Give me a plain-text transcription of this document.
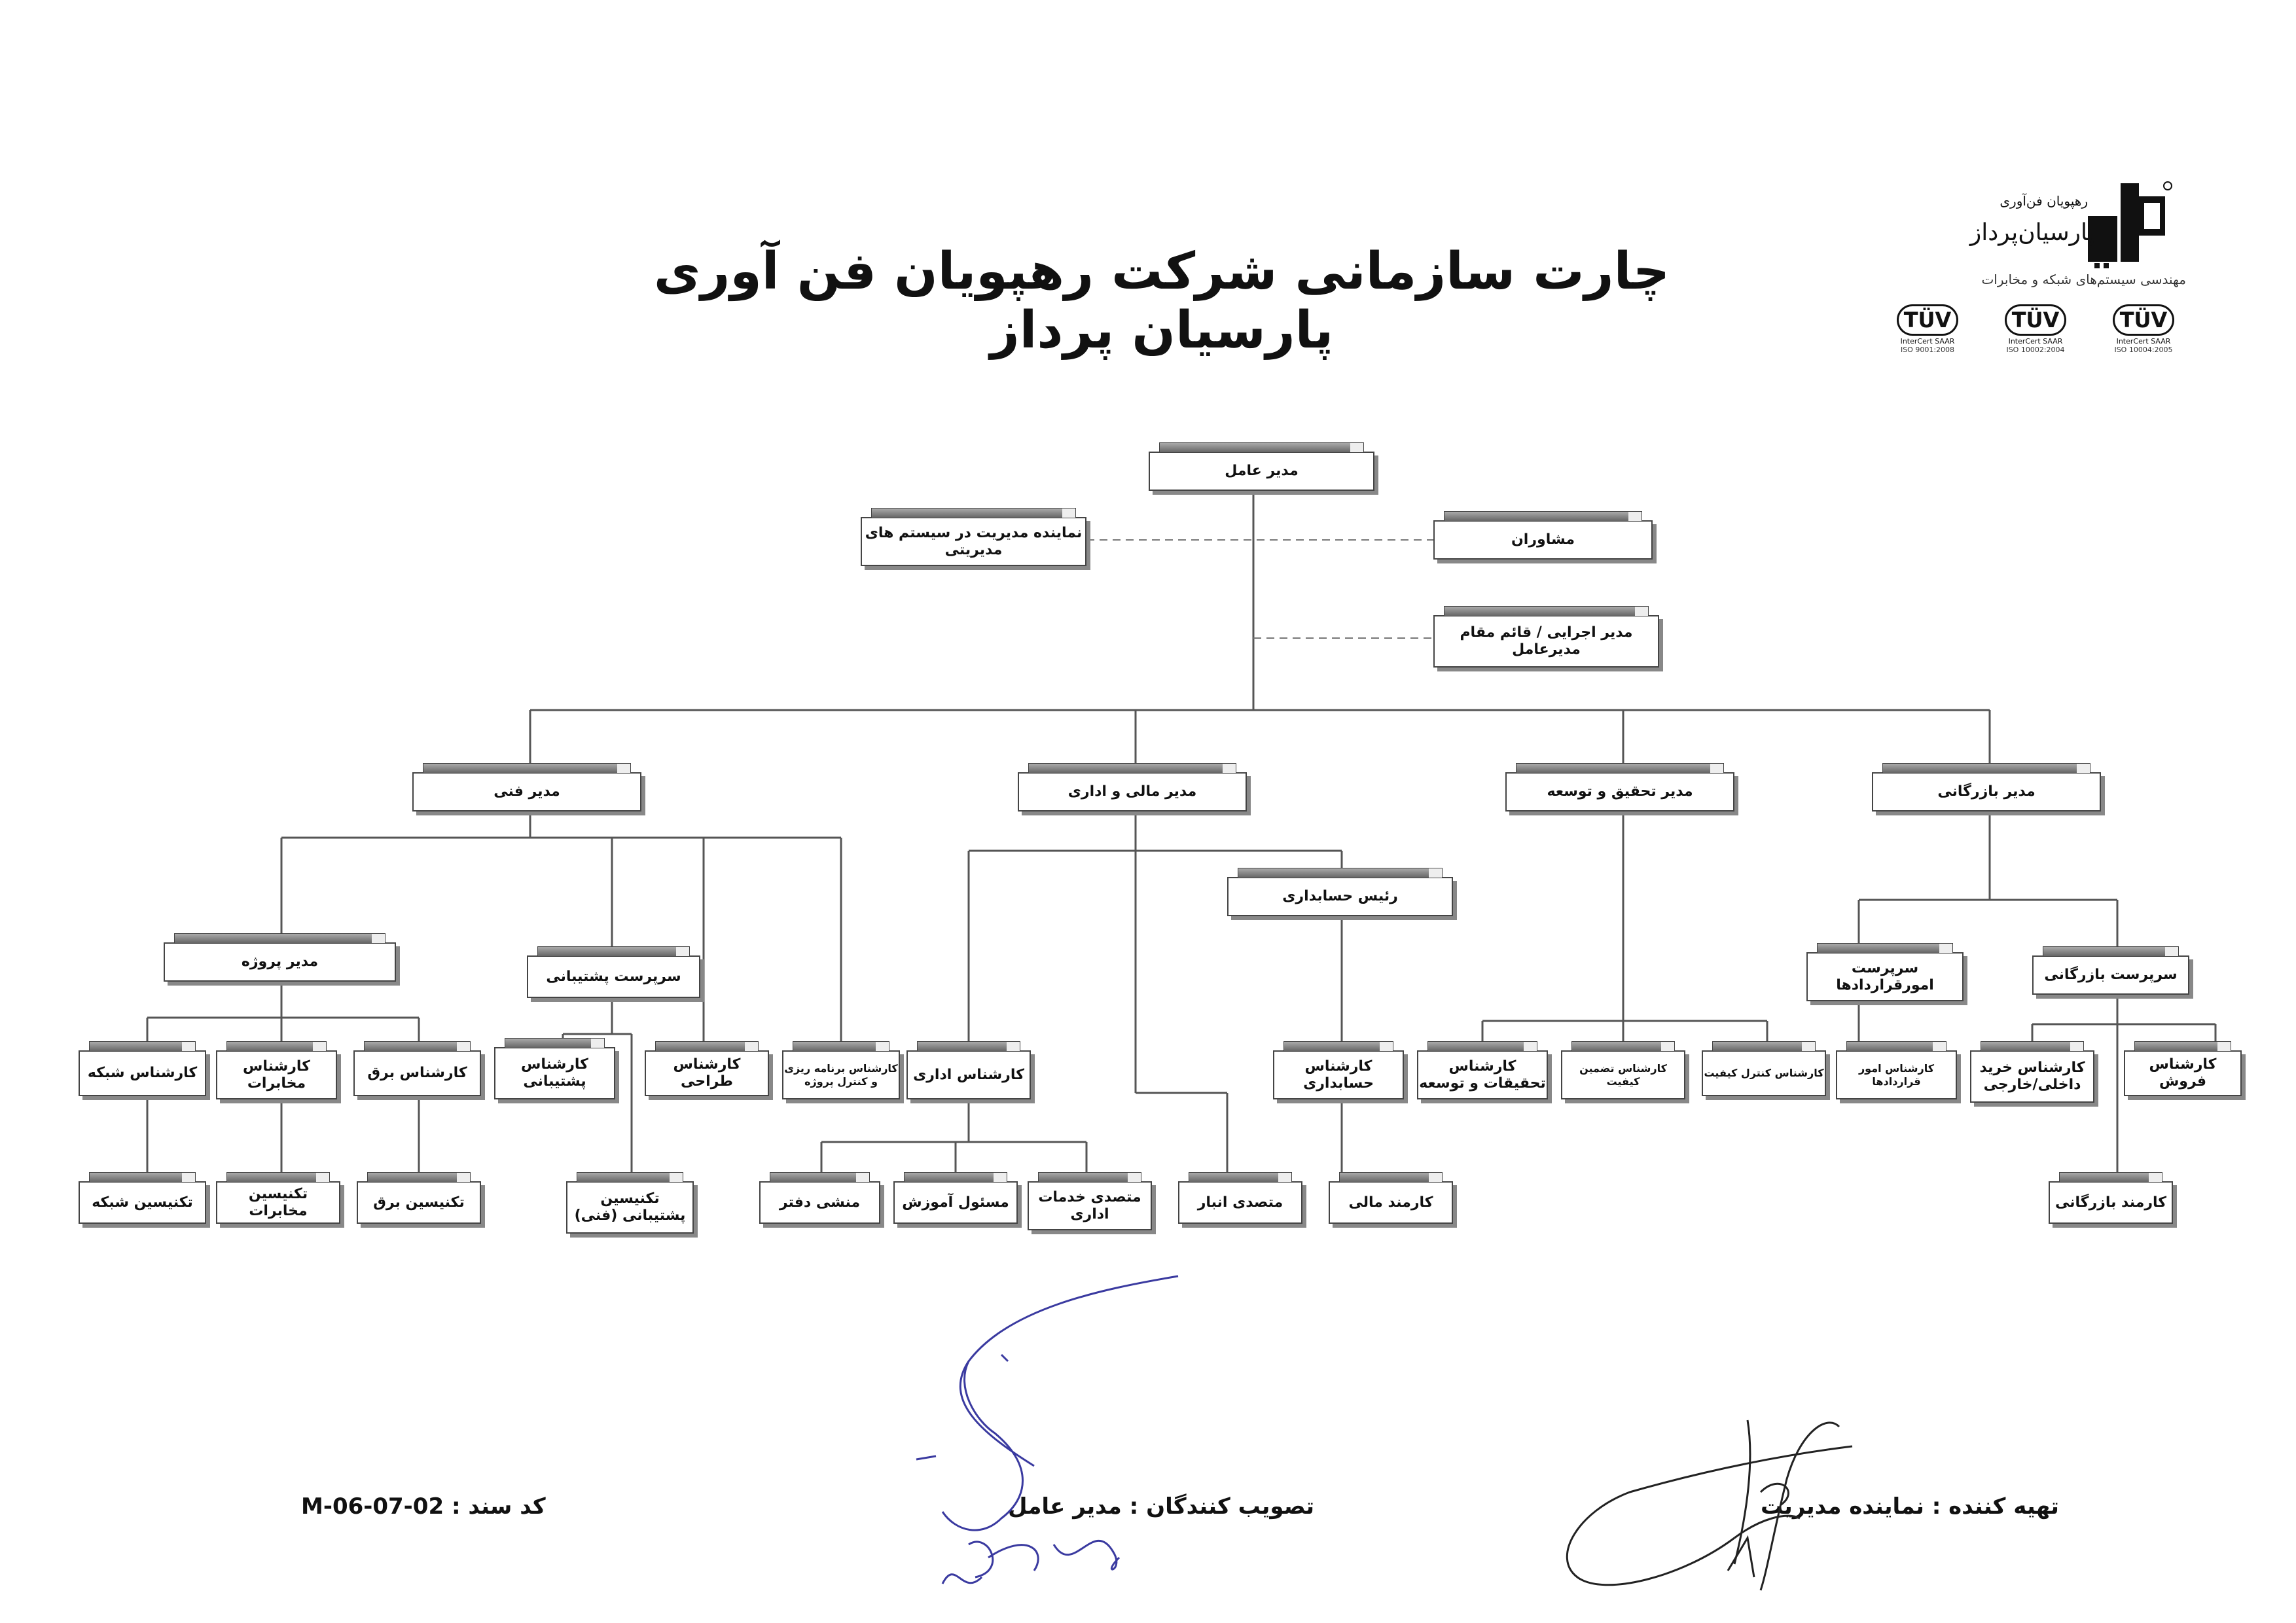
چارت سازمانی شرکت رهپویان فن آوری پارسیان پرداز
رهپویان فن‌آوری
پارسیان‌پرداز
مهندسی سیستم‌های شبکه و مخابرات
TÜV
InterCert SAAR
ISO 9001:2008
TÜV
InterCert SAAR
ISO 10002:2004
TÜV
InterCert SAAR
ISO 10004:2005
مدیر عامل
نماینده مدیریت در سیستم های مدیریتی
مشاوران
مدیر اجرایی / قائم مقام مدیرعامل
مدیر فنی	مدیر مالی و اداری	مدیر تحقیق و توسعه	مدیر بازرگانی
مدیر پروژه
سرپرست پشتیبانی
رئیس حسابداری
سرپرست امورقراردادها
سرپرست بازرگانی
کارشناس شبکه	کارشناس مخابرات
کارشناس برق
کارشناس پشتیبانی
کارشناس طراحی
کارشناس برنامه ریزی و کنترل پروژه	کارشناس اداری
کارشناس حسابداری
کارشناس تحقیقات و توسعه
کارشناس تضمین کیفیت
کارشناس کنترل کیفیت	کارشناس امور قراردادها
کارشناس خرید داخلی/خارجی
کارشناس فروش
تکنیسین شبکه
تکنیسین مخابرات
تکنیسین برق	تکنیسین پشتیبانی (فنی)
منشی دفتر	مسئول آموزش	متصدی خدمات اداری
متصدی انبار	کارمند مالی	کارمند بازرگانی
کد سند : M-06-07-02	تصویب کنندگان : مدیر عامل	تهیه کننده : نماینده مدیریت
